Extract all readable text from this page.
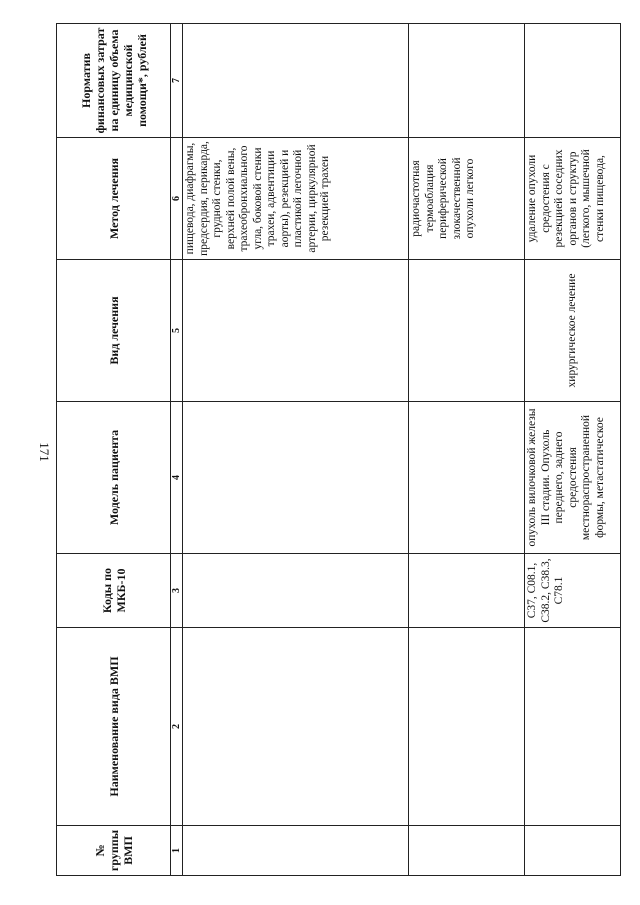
171
№ группы ВМП	Наименование вида ВМП	Коды по МКБ-10	Модель пациента	Вид лечения	Метод лечения	Норматив финансовых затрат на единицу объема медицинской помощи*, рублей
1	2	3	4	5	6	7
					пищевода, диафрагмы, предсердия, перикарда, грудной стенки, верхней полой вены, трахеобронхиального угла, боковой стенки трахеи, адвентиции аорты), резекцией и пластикой легочной артерии, циркулярной резекцией трахеи	
					радиочастотная термоаблация периферической злокачественной опухоли легкого	
		C37, C08.1, C38.2, C38.3, C78.1	опухоль вилочковой железы III стадии. Опухоль переднего, заднего средостения местнораспространенной формы, метастатическое	хирургическое лечение	удаление опухоли средостения с резекцией соседних органов и структур (легкого, мышечной стенки пищевода,	
